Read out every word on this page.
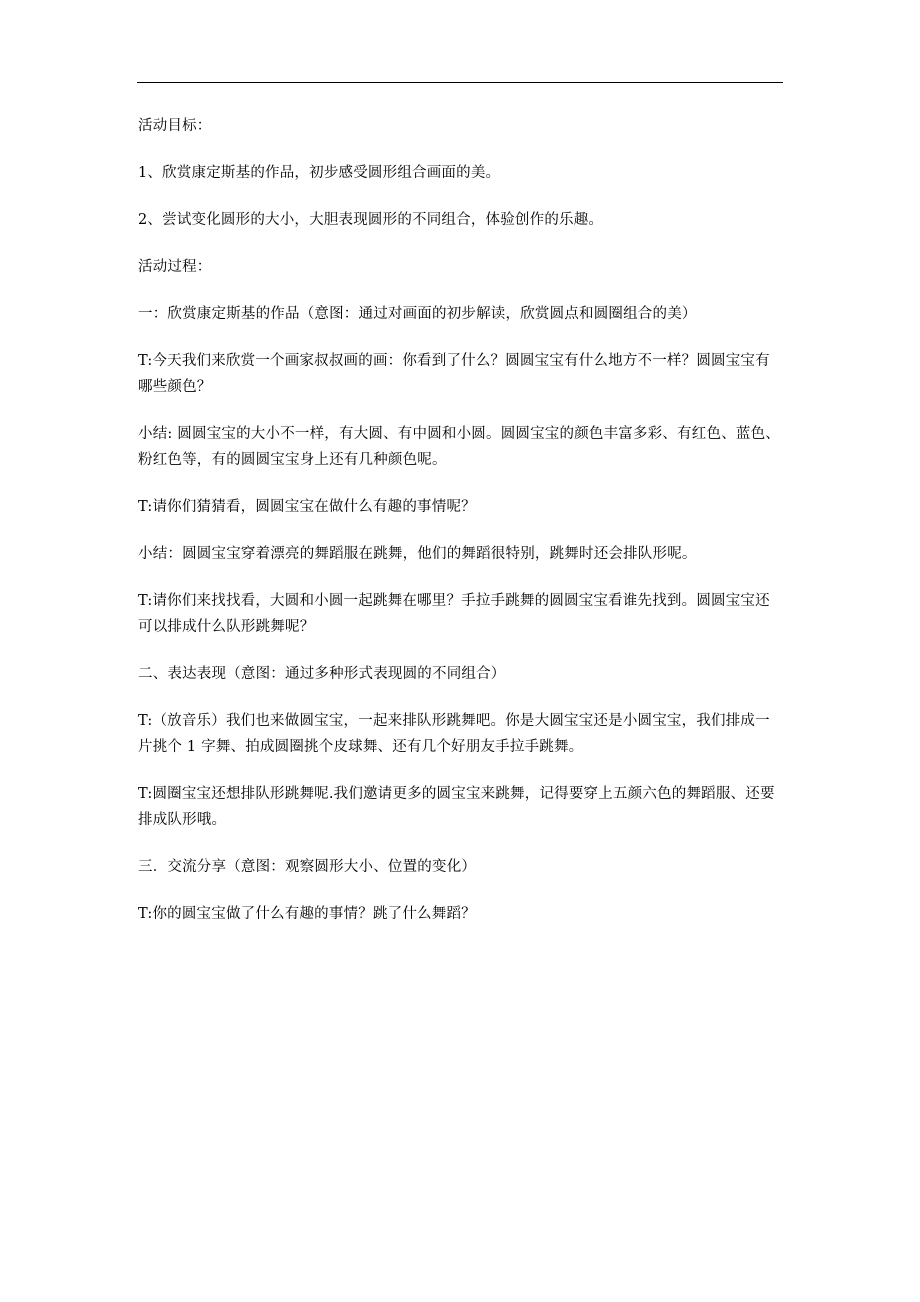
活动目标：

1、欣赏康定斯基的作品，初步感受圆形组合画面的美。

2、尝试变化圆形的大小，大胆表现圆形的不同组合，体验创作的乐趣。

活动过程：

一：欣赏康定斯基的作品（意图：通过对画面的初步解读，欣赏圆点和圆圈组合的美）

T:今天我们来欣赏一个画家叔叔画的画：你看到了什么？圆圆宝宝有什么地方不一样？圆圆宝宝有哪些颜色？

小结: 圆圆宝宝的大小不一样，有大圆、有中圆和小圆。圆圆宝宝的颜色丰富多彩、有红色、蓝色、粉红色等，有的圆圆宝宝身上还有几种颜色呢。

T:请你们猜猜看，圆圆宝宝在做什么有趣的事情呢？

小结：圆圆宝宝穿着漂亮的舞蹈服在跳舞，他们的舞蹈很特别，跳舞时还会排队形呢。

T:请你们来找找看，大圆和小圆一起跳舞在哪里？手拉手跳舞的圆圆宝宝看谁先找到。圆圆宝宝还可以排成什么队形跳舞呢？

二、表达表现（意图：通过多种形式表现圆的不同组合）

T:（放音乐）我们也来做圆宝宝，一起来排队形跳舞吧。你是大圆宝宝还是小圆宝宝，我们排成一片挑个 1 字舞、拍成圆圈挑个皮球舞、还有几个好朋友手拉手跳舞。

T:圆圈宝宝还想排队形跳舞呢.我们邀请更多的圆宝宝来跳舞，记得要穿上五颜六色的舞蹈服、还要排成队形哦。

三．交流分享（意图：观察圆形大小、位置的变化）

T:你的圆宝宝做了什么有趣的事情？跳了什么舞蹈？
